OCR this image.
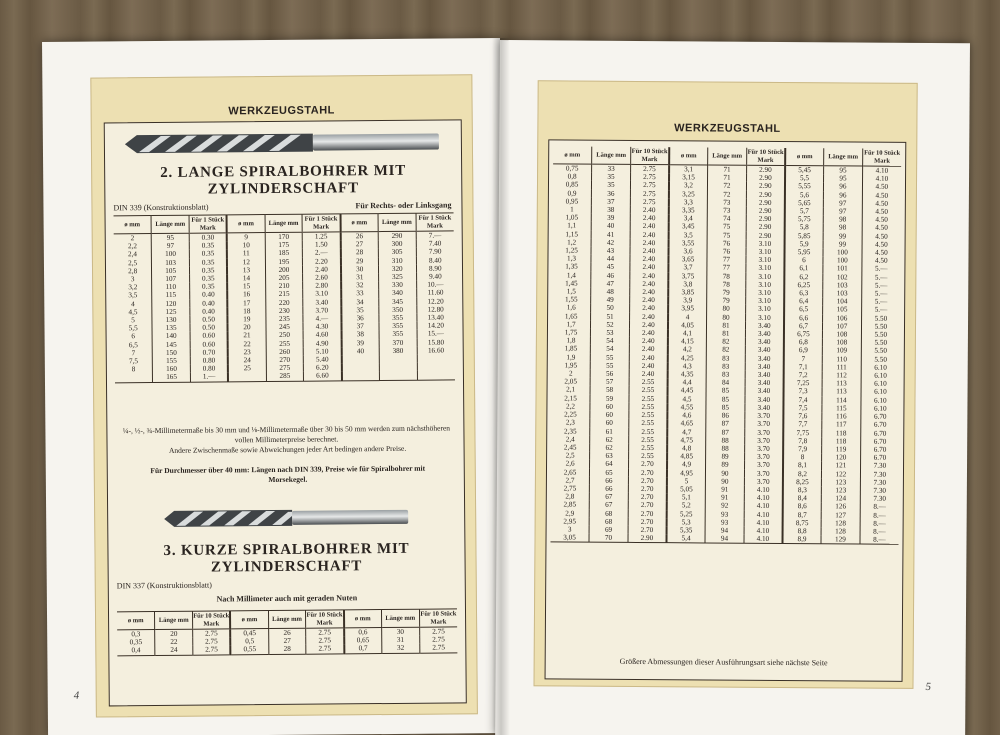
WERKZEUGSTAHL
2. LANGE SPIRALBOHRER MIT
ZYLINDERSCHAFT
DIN 339 (Konstruktionsblatt)	Für Rechts- oder Linksgang
ø mm	Länge mm	Für 1 Stück Mark	ø mm	Länge mm	Für 1 Stück Mark	ø mm	Länge mm	Für 1 Stück Mark
2	95	0.30	9	170	1.25	26	290	7.—
2,2	97	0.35	10	175	1.50	27	300	7.40
2,4	100	0.35	11	185	2.—	28	305	7.90
2,5	103	0.35	12	195	2.20	29	310	8.40
2,8	105	0.35	13	200	2.40	30	320	8.90
3	107	0.35	14	205	2.60	31	325	9.40
3,2	110	0.35	15	210	2.80	32	330	10.—
3,5	115	0.40	16	215	3.10	33	340	11.60
4	120	0.40	17	220	3.40	34	345	12.20
4,5	125	0.40	18	230	3.70	35	350	12.80
5	130	0.50	19	235	4.—	36	355	13.40
5,5	135	0.50	20	245	4.30	37	355	14.20
6	140	0.60	21	250	4.60	38	355	15.—
6,5	145	0.60	22	255	4.90	39	370	15.80
7	150	0.70	23	260	5.10	40	380	16.60
7,5	155	0.80	24	270	5.40			
8	160	0.80	25	275	6.20			
	165	1.—		285	6.60			
¼-, ½-, ¾-Millimetermaße bis 30 mm und ⅛-Millimetermaße über 30 bis 50 mm werden zum nächsthöheren vollen Millimeterpreise berechnet.
Andere Zwischenmaße sowie Abweichungen jeder Art bedingen andere Preise.
Für Durchmesser über 40 mm: Längen nach DIN 339, Preise wie für Spiralbohrer mit Morsekegel.
3. KURZE SPIRALBOHRER MIT
ZYLINDERSCHAFT
DIN 337 (Konstruktionsblatt)
Nach Millimeter auch mit geraden Nuten
ø mm	Länge mm	Für 10 Stück Mark	ø mm	Länge mm	Für 10 Stück Mark	ø mm	Länge mm	Für 10 Stück Mark
0,3	20	2.75	0,45	26	2.75	0,6	30	2.75
0,35	22	2.75	0,5	27	2.75	0,65	31	2.75
0,4	24	2.75	0,55	28	2.75	0,7	32	2.75
4
WERKZEUGSTAHL
ø mm	Länge mm	Für 10 Stück Mark	ø mm	Länge mm	Für 10 Stück Mark	ø mm	Länge mm	Für 10 Stück Mark
0,75	33	2.75	3,1	71	2.90	5,45	95	4.10
0,8	35	2.75	3,15	71	2.90	5,5	95	4.10
0,85	35	2.75	3,2	72	2.90	5,55	96	4.50
0,9	36	2.75	3,25	72	2.90	5,6	96	4.50
0,95	37	2.75	3,3	73	2.90	5,65	97	4.50
1	38	2.40	3,35	73	2.90	5,7	97	4.50
1,05	39	2.40	3,4	74	2.90	5,75	98	4.50
1,1	40	2.40	3,45	75	2.90	5,8	98	4.50
1,15	41	2.40	3,5	75	2.90	5,85	99	4.50
1,2	42	2.40	3,55	76	3.10	5,9	99	4.50
1,25	43	2.40	3,6	76	3.10	5,95	100	4.50
1,3	44	2.40	3,65	77	3.10	6	100	4.50
1,35	45	2.40	3,7	77	3.10	6,1	101	5.—
1,4	46	2.40	3,75	78	3.10	6,2	102	5.—
1,45	47	2.40	3,8	78	3.10	6,25	103	5.—
1,5	48	2.40	3,85	79	3.10	6,3	103	5.—
1,55	49	2.40	3,9	79	3.10	6,4	104	5.—
1,6	50	2.40	3,95	80	3.10	6,5	105	5.—
1,65	51	2.40	4	80	3.10	6,6	106	5.50
1,7	52	2.40	4,05	81	3.40	6,7	107	5.50
1,75	53	2.40	4,1	81	3.40	6,75	108	5.50
1,8	54	2.40	4,15	82	3.40	6,8	108	5.50
1,85	54	2.40	4,2	82	3.40	6,9	109	5.50
1,9	55	2.40	4,25	83	3.40	7	110	5.50
1,95	55	2.40	4,3	83	3.40	7,1	111	6.10
2	56	2.40	4,35	83	3.40	7,2	112	6.10
2,05	57	2.55	4,4	84	3.40	7,25	113	6.10
2,1	58	2.55	4,45	85	3.40	7,3	113	6.10
2,15	59	2.55	4,5	85	3.40	7,4	114	6.10
2,2	60	2.55	4,55	85	3.40	7,5	115	6.10
2,25	60	2.55	4,6	86	3.70	7,6	116	6.70
2,3	60	2.55	4,65	87	3.70	7,7	117	6.70
2,35	61	2.55	4,7	87	3.70	7,75	118	6.70
2,4	62	2.55	4,75	88	3.70	7,8	118	6.70
2,45	62	2.55	4,8	88	3.70	7,9	119	6.70
2,5	63	2.55	4,85	89	3.70	8	120	6.70
2,6	64	2.70	4,9	89	3.70	8,1	121	7.30
2,65	65	2.70	4,95	90	3.70	8,2	122	7.30
2,7	66	2.70	5	90	3.70	8,25	123	7.30
2,75	66	2.70	5,05	91	4.10	8,3	123	7.30
2,8	67	2.70	5,1	91	4.10	8,4	124	7.30
2,85	67	2.70	5,2	92	4.10	8,6	126	8.—
2,9	68	2.70	5,25	93	4.10	8,7	127	8.—
2,95	68	2.70	5,3	93	4.10	8,75	128	8.—
3	69	2.70	5,35	94	4.10	8,8	128	8.—
3,05	70	2.90	5,4	94	4.10	8,9	129	8.—
Größere Abmessungen dieser Ausführungsart siehe nächste Seite
5
